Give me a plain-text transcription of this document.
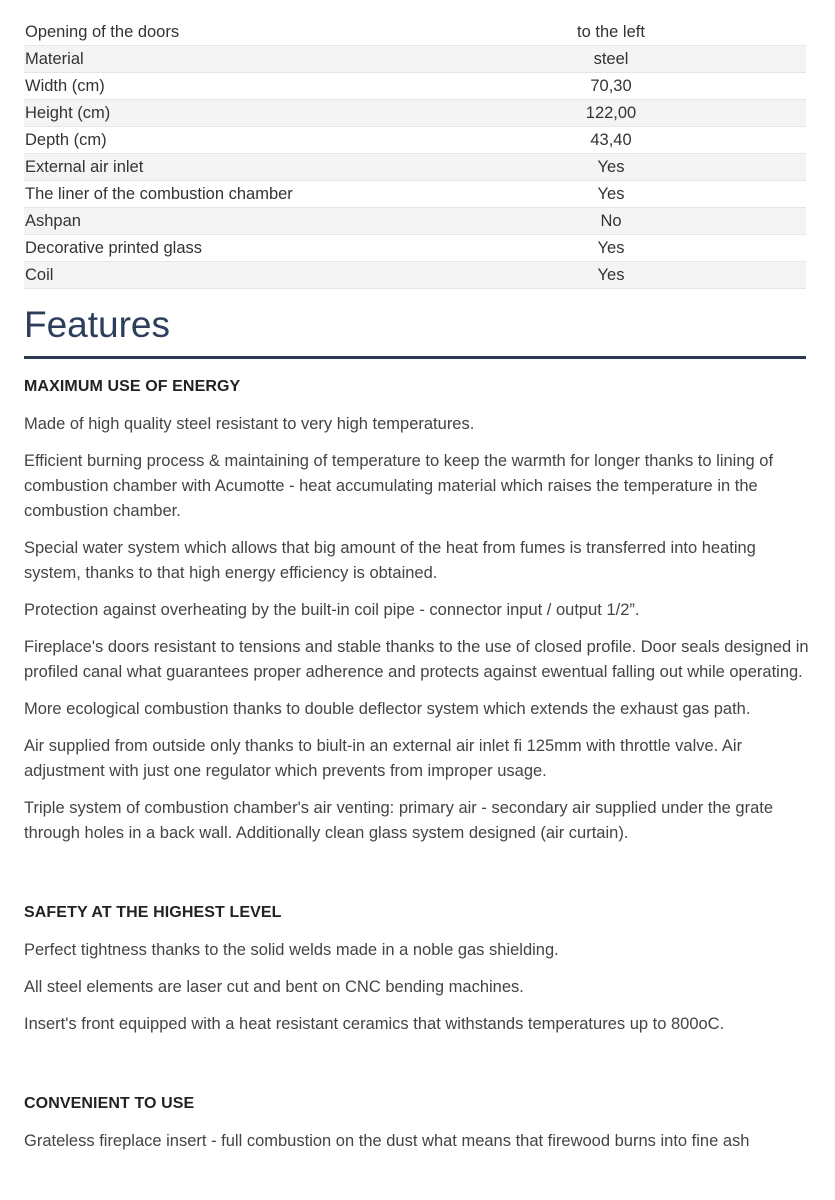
Opening of the doors	to the left
Material	steel
Width (cm)	70,30
Height (cm)	122,00
Depth (cm)	43,40
External air inlet	Yes
The liner of the combustion chamber	Yes
Ashpan	No
Decorative printed glass	Yes
Coil	Yes
Features
MAXIMUM USE OF ENERGY

Made of high quality steel resistant to very high temperatures.

Efficient burning process & maintaining of temperature to keep the warmth for longer thanks to lining of combustion chamber with Acumotte - heat accumulating material which raises the temperature in the combustion chamber.

Special water system which allows that big amount of the heat from fumes is transferred into heating system, thanks to that high energy efficiency is obtained.

Protection against overheating by the built-in coil pipe - connector input / output 1/2”.

Fireplace's doors resistant to tensions and stable thanks to the use of closed profile. Door seals designed in profiled canal what guarantees proper adherence and protects against ewentual falling out while operating.

More ecological combustion thanks to double deflector system which extends the exhaust gas path.

Air supplied from outside only thanks to biult-in an external air inlet fi 125mm with throttle valve. Air adjustment with just one regulator which prevents from improper usage.

Triple system of combustion chamber's air venting: primary air - secondary air supplied under the grate through holes in a back wall. Additionally clean glass system designed (air curtain).

SAFETY AT THE HIGHEST LEVEL

Perfect tightness thanks to the solid welds made in a noble gas shielding.

All steel elements are laser cut and bent on CNC bending machines.

Insert's front equipped with a heat resistant ceramics that withstands temperatures up to 800oC.

CONVENIENT TO USE

Grateless fireplace insert - full combustion on the dust what means that firewood burns into fine ash
